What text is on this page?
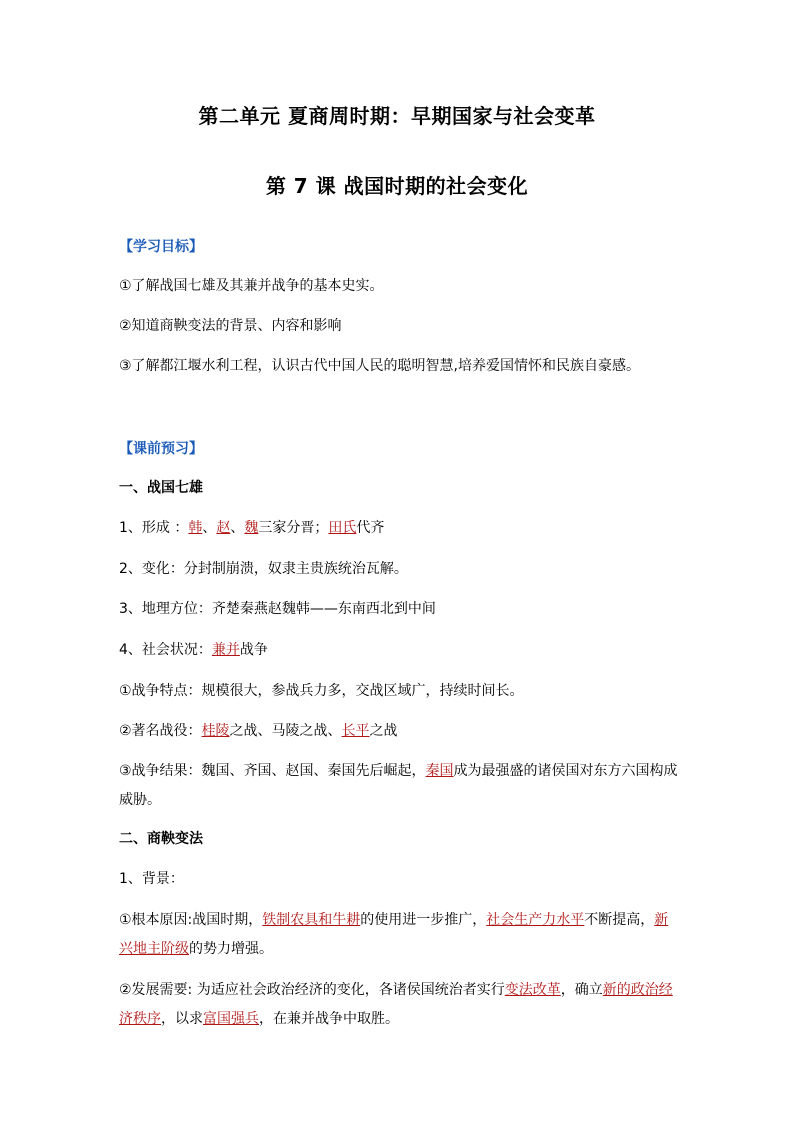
第二单元 夏商周时期：早期国家与社会变革
第 7 课 战国时期的社会变化
【学习目标】
①了解战国七雄及其兼并战争的基本史实。
②知道商鞅变法的背景、内容和影响
③了解都江堰水利工程，认识古代中国人民的聪明智慧,培养爱国情怀和民族自豪感。
【课前预习】
一、战国七雄
1、形成 ：韩、赵、魏三家分晋；田氏代齐
2、变化：分封制崩溃，奴隶主贵族统治瓦解。
3、地理方位：齐楚秦燕赵魏韩——东南西北到中间
4、社会状况：兼并战争
①战争特点：规模很大，参战兵力多，交战区域广，持续时间长。
②著名战役：桂陵之战、马陵之战、长平之战
③战争结果：魏国、齐国、赵国、秦国先后崛起，秦国成为最强盛的诸侯国对东方六国构成威胁。
二、商鞅变法
1、背景：
①根本原因:战国时期，铁制农具和牛耕的使用进一步推广，社会生产力水平不断提高，新兴地主阶级的势力增强。
②发展需要: 为适应社会政治经济的变化，各诸侯国统治者实行变法改革，确立新的政治经济秩序，以求富国强兵，在兼并战争中取胜。
